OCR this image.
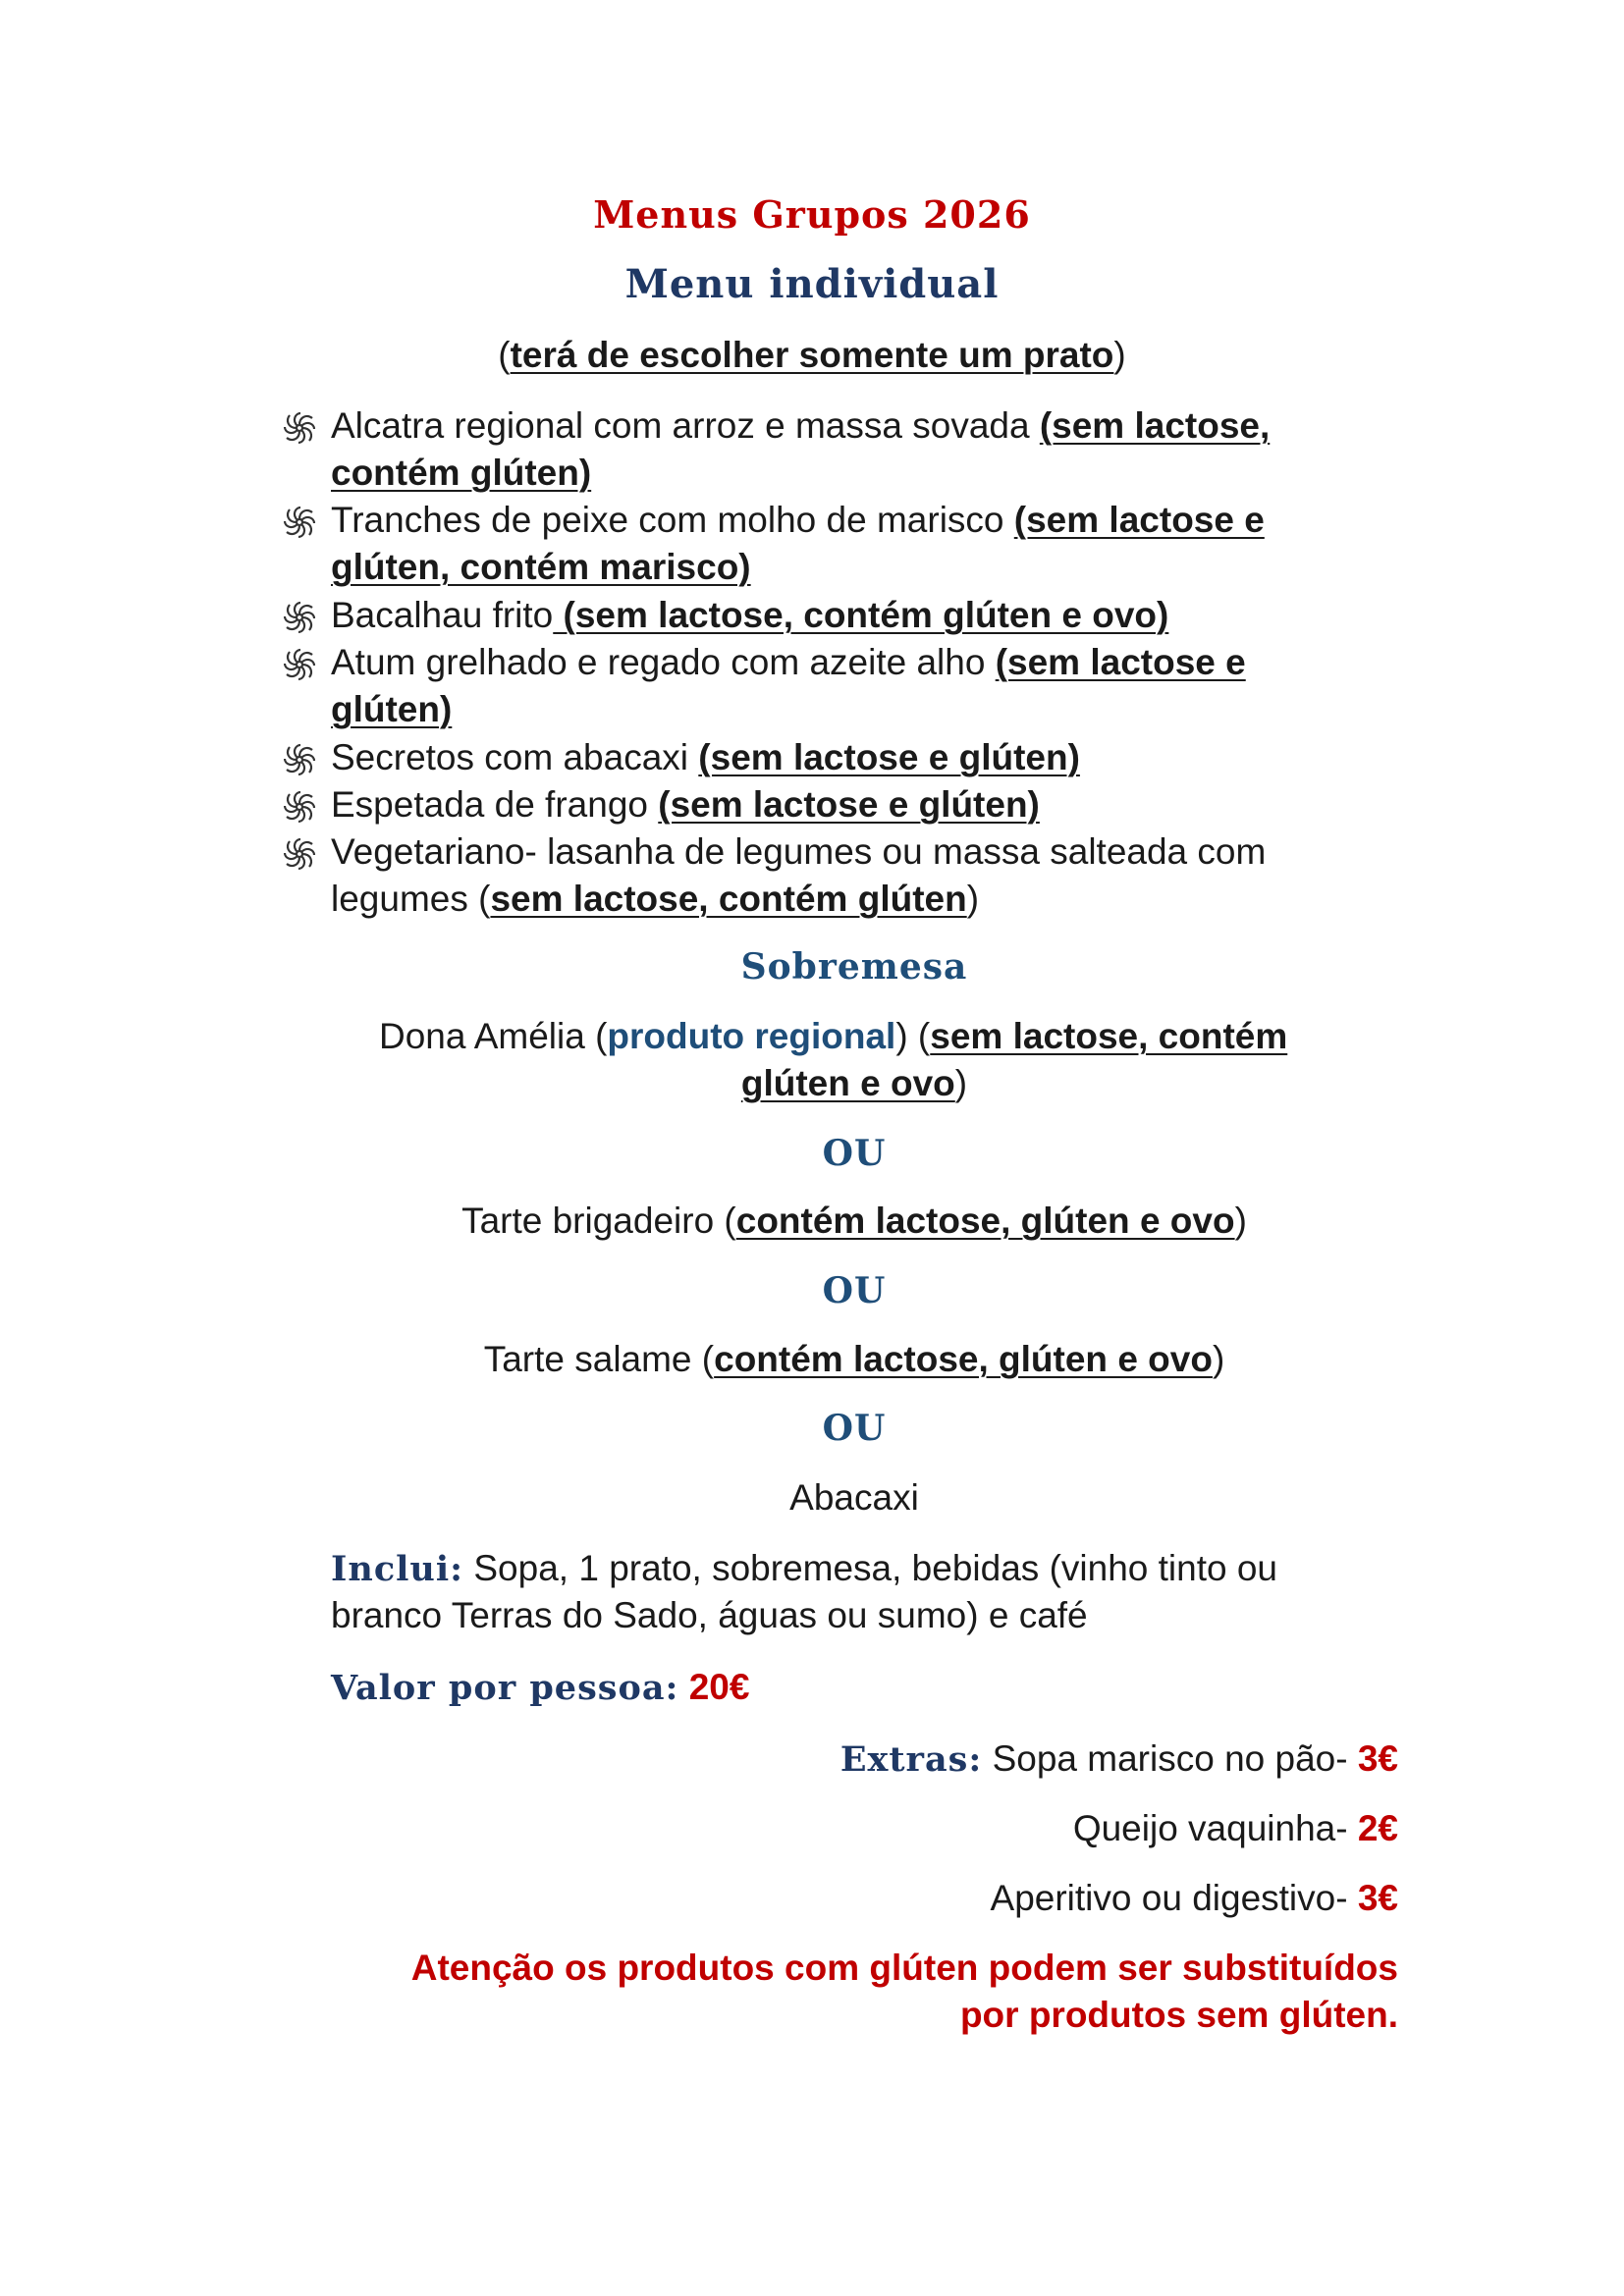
Menus Grupos 2026
Menu individual
(terá de escolher somente um prato)
Alcatra regional com arroz e massa sovada (sem lactose,
contém glúten)
Tranches de peixe com molho de marisco (sem lactose e
glúten, contém marisco)
Bacalhau frito (sem lactose, contém glúten e ovo)
Atum grelhado e regado com azeite alho (sem lactose e
glúten)
Secretos com abacaxi (sem lactose e glúten)
Espetada de frango (sem lactose e glúten)
Vegetariano- lasanha de legumes ou massa salteada com
legumes (sem lactose, contém glúten)
Sobremesa
Dona Amélia (produto regional) (sem lactose, contém
glúten e ovo)
OU
Tarte brigadeiro (contém lactose, glúten e ovo)
OU
Tarte salame (contém lactose, glúten e ovo)
OU
Abacaxi
Inclui: Sopa, 1 prato, sobremesa, bebidas (vinho tinto ou
branco Terras do Sado, águas ou sumo) e café
Valor por pessoa: 20€
Extras: Sopa marisco no pão- 3€
Queijo vaquinha- 2€
Aperitivo ou digestivo- 3€
Atenção os produtos com glúten podem ser substituídos
por produtos sem glúten.
